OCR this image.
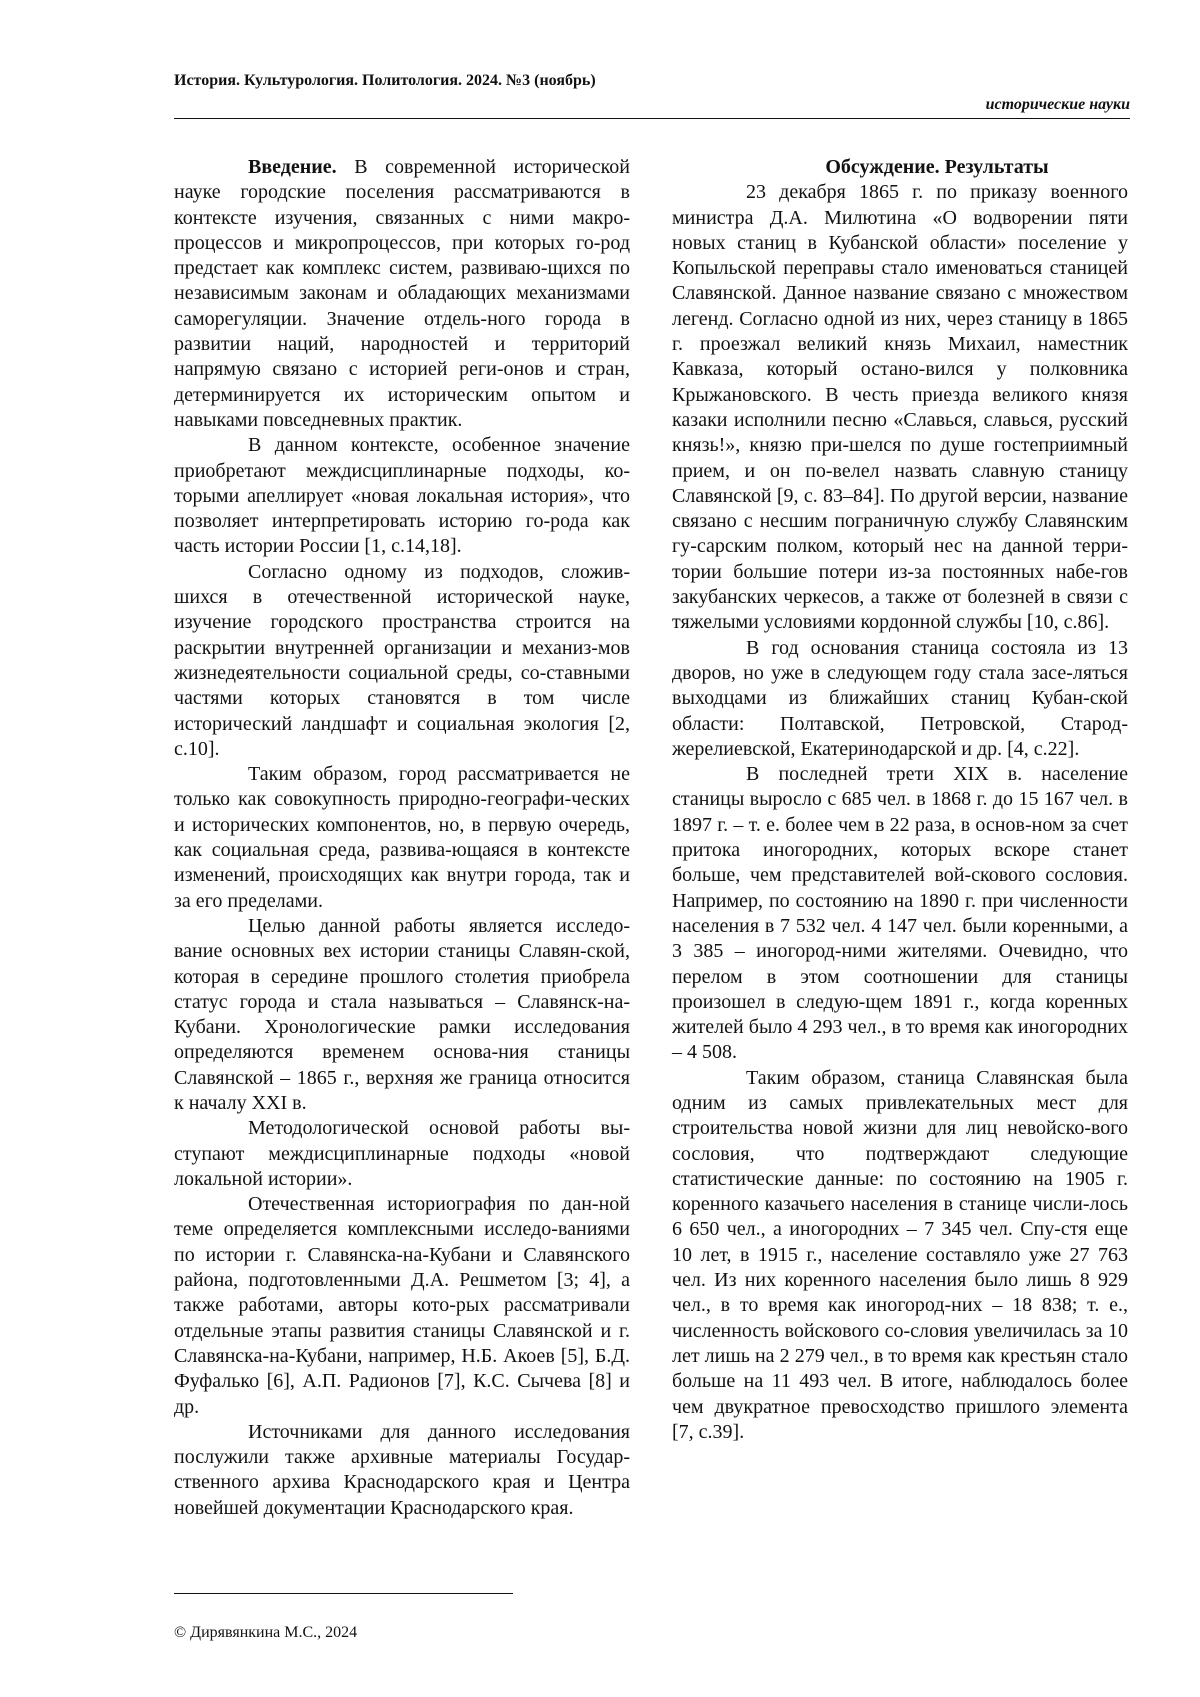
История. Культурология. Политология. 2024. №3 (ноябрь)
исторические науки

Введение. В современной исторической науке городские поселения рассматриваются в контексте изучения, связанных с ними макро-процессов и микропроцессов, при которых го-род предстает как комплекс систем, развиваю-щихся по независимым законам и обладающих механизмами саморегуляции. Значение отдель-ного города в развитии наций, народностей и территорий напрямую связано с историей реги-онов и стран, детерминируется их историческим опытом и навыками повседневных практик.

В данном контексте, особенное значение приобретают междисциплинарные подходы, ко-торыми апеллирует «новая локальная история», что позволяет интерпретировать историю го-рода как часть истории России [1, с.14,18].

Согласно одному из подходов, сложив-шихся в отечественной исторической науке, изучение городского пространства строится на раскрытии внутренней организации и механиз-мов жизнедеятельности социальной среды, со-ставными частями которых становятся в том числе исторический ландшафт и социальная экология [2, с.10].

Таким образом, город рассматривается не только как совокупность природно-географи-ческих и исторических компонентов, но, в первую очередь, как социальная среда, развива-ющаяся в контексте изменений, происходящих как внутри города, так и за его пределами.

Целью данной работы является исследо-вание основных вех истории станицы Славян-ской, которая в середине прошлого столетия приобрела статус города и стала называться – Славянск-на-Кубани. Хронологические рамки исследования определяются временем основа-ния станицы Славянской – 1865 г., верхняя же граница относится к началу XXI в.

Методологической основой работы вы-ступают междисциплинарные подходы «новой локальной истории».

Отечественная историография по дан-ной теме определяется комплексными исследо-ваниями по истории г. Славянска-на-Кубани и Славянского района, подготовленными Д.А. Решметом [3; 4], а также работами, авторы кото-рых рассматривали отдельные этапы развития станицы Славянской и г. Славянска-на-Кубани, например, Н.Б. Акоев [5], Б.Д. Фуфалько [6], А.П. Радионов [7], К.С. Сычева [8] и др.

Источниками для данного исследования послужили также архивные материалы Государ-ственного архива Краснодарского края и Центра новейшей документации Краснодарского края.

Обсуждение. Результаты

23 декабря 1865 г. по приказу военного министра Д.А. Милютина «О водворении пяти новых станиц в Кубанской области» поселение у Копыльской переправы стало именоваться станицей Славянской. Данное название связано с множеством легенд. Согласно одной из них, через станицу в 1865 г. проезжал великий князь Михаил, наместник Кавказа, который остано-вился у полковника Крыжановского. В честь приезда великого князя казаки исполнили песню «Славься, славься, русский князь!», князю при-шелся по душе гостеприимный прием, и он по-велел назвать славную станицу Славянской [9, с. 83–84]. По другой версии, название связано с несшим пограничную службу Славянским гу-сарским полком, который нес на данной терри-тории большие потери из-за постоянных набе-гов закубанских черкесов, а также от болезней в связи с тяжелыми условиями кордонной службы [10, с.86].

В год основания станица состояла из 13 дворов, но уже в следующем году стала засе-ляться выходцами из ближайших станиц Кубан-ской области: Полтавской, Петровской, Старод-жерелиевской, Екатеринодарской и др. [4, с.22].

В последней трети XIX в. население станицы выросло с 685 чел. в 1868 г. до 15 167 чел. в 1897 г. – т. е. более чем в 22 раза, в основ-ном за счет притока иногородних, которых вскоре станет больше, чем представителей вой-скового сословия. Например, по состоянию на 1890 г. при численности населения в 7 532 чел. 4 147 чел. были коренными, а 3 385 – иногород-ними жителями. Очевидно, что перелом в этом соотношении для станицы произошел в следую-щем 1891 г., когда коренных жителей было 4 293 чел., в то время как иногородних – 4 508.

Таким образом, станица Славянская была одним из самых привлекательных мест для строительства новой жизни для лиц невойско-вого сословия, что подтверждают следующие статистические данные: по состоянию на 1905 г. коренного казачьего населения в станице числи-лось 6 650 чел., а иногородних – 7 345 чел. Спу-стя еще 10 лет, в 1915 г., население составляло уже 27 763 чел. Из них коренного населения было лишь 8 929 чел., в то время как иногород-них – 18 838; т. е., численность войскового со-словия увеличилась за 10 лет лишь на 2 279 чел., в то время как крестьян стало больше на 11 493 чел. В итоге, наблюдалось более чем двукратное превосходство пришлого элемента [7, с.39].

© Дирявянкина М.С., 2024
